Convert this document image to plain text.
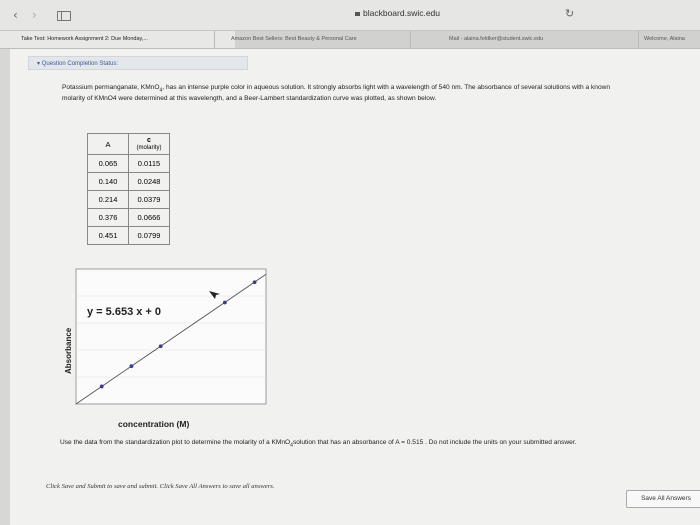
‹ ›	blackboard.swic.edu	↻
Take Test: Homework Assignment 2: Due Monday,...	Amazon Best Sellers: Best Beauty & Personal Care	Mail - alaina.feldker@student.swic.edu	Welcome, Alaina
▾ Question Completion Status:
Potassium permanganate, KMnO$_4$, has an intense purple color in aqueous solution. It strongly absorbs light with a wavelength of 540 nm. The absorbance of several solutions with a known molarity of KMnO4 were determined at this wavelength, and a Beer-Lambert standardization curve was plotted, as shown below.
A	c
(molarity)
0.065	0.0115
0.140	0.0248
0.214	0.0379
0.376	0.0666
0.451	0.0799
y = 5.653 x + 0
Absorbance
concentration (M)
Use the data from the standardization plot to determine the molarity of a KMnO$_4$solution that has an absorbance of A = 0.515 . Do not include the units on your submitted answer.
Click Save and Submit to save and submit. Click Save All Answers to save all answers.
Save All Answers
